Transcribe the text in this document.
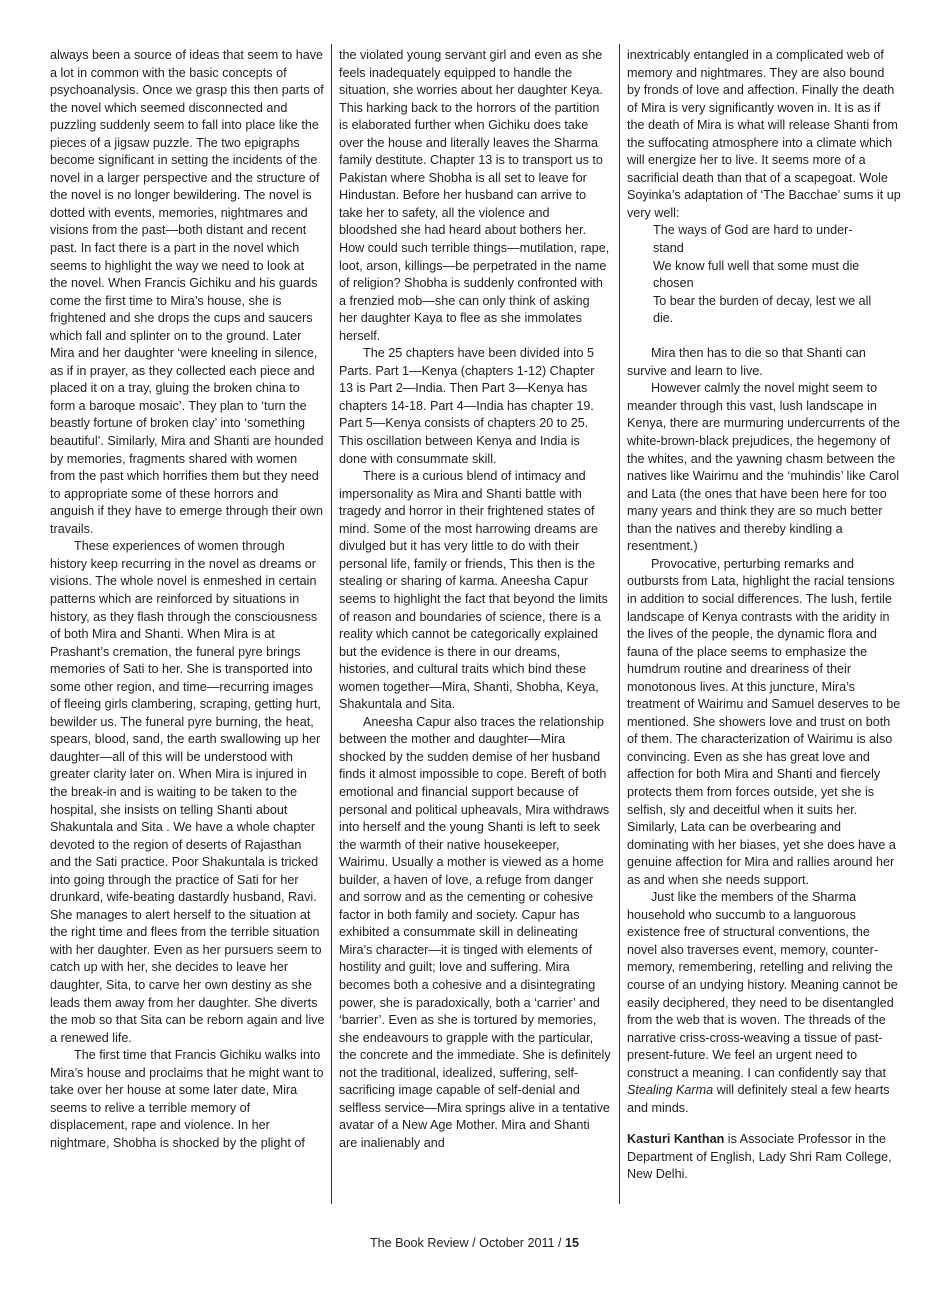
always been a source of ideas that seem to have a lot in common with the basic concepts of psychoanalysis. Once we grasp this then parts of the novel which seemed disconnected and puzzling suddenly seem to fall into place like the pieces of a jigsaw puzzle. The two epigraphs become significant in setting the incidents of the novel in a larger perspective and the structure of the novel is no longer bewildering. The novel is dotted with events, memories, nightmares and visions from the past—both distant and recent past. In fact there is a part in the novel which seems to highlight the way we need to look at the novel. When Francis Gichiku and his guards come the first time to Mira’s house, she is frightened and she drops the cups and saucers which fall and splinter on to the ground. Later Mira and her daughter ‘were kneeling in silence, as if in prayer, as they collected each piece and placed it on a tray, gluing the broken china to form a baroque mosaic’. They plan to ‘turn the beastly fortune of broken clay’ into ‘something beautiful’. Similarly, Mira and Shanti are hounded by memories, fragments shared with women from the past which horrifies them but they need to appropriate some of these horrors and anguish if they have to emerge through their own travails.

These experiences of women through history keep recurring in the novel as dreams or visions. The whole novel is enmeshed in certain patterns which are reinforced by situations in history, as they flash through the consciousness of both Mira and Shanti. When Mira is at Prashant’s cremation, the funeral pyre brings memories of Sati to her. She is transported into some other region, and time—recurring images of fleeing girls clambering, scraping, getting hurt, bewilder us. The funeral pyre burning, the heat, spears, blood, sand, the earth swallowing up her daughter—all of this will be understood with greater clarity later on. When Mira is injured in the break-in and is waiting to be taken to the hospital, she insists on telling Shanti about Shakuntala and Sita . We have a whole chapter devoted to the region of deserts of Rajasthan and the Sati practice. Poor Shakuntala is tricked into going through the practice of Sati for her drunkard, wife-beating dastardly husband, Ravi. She manages to alert herself to the situation at the right time and flees from the terrible situation with her daughter. Even as her pursuers seem to catch up with her, she decides to leave her daughter, Sita, to carve her own destiny as she leads them away from her daughter. She diverts the mob so that Sita can be reborn again and live a renewed life.

The first time that Francis Gichiku walks into Mira’s house and proclaims that he might want to take over her house at some later date, Mira seems to relive a terrible memory of displacement, rape and violence. In her nightmare, Shobha is shocked by the plight of

the violated young servant girl and even as she feels inadequately equipped to handle the situation, she worries about her daughter Keya. This harking back to the horrors of the partition is elaborated further when Gichiku does take over the house and literally leaves the Sharma family destitute. Chapter 13 is to transport us to Pakistan where Shobha is all set to leave for Hindustan. Before her husband can arrive to take her to safety, all the violence and bloodshed she had heard about bothers her. How could such terrible things—mutilation, rape, loot, arson, killings—be perpetrated in the name of religion? Shobha is suddenly confronted with a frenzied mob—she can only think of asking her daughter Kaya to flee as she immolates herself.

The 25 chapters have been divided into 5 Parts. Part 1—Kenya (chapters 1-12) Chapter 13 is Part 2—India. Then Part 3—Kenya has chapters 14-18. Part 4—India has chapter 19. Part 5—Kenya consists of chapters 20 to 25. This oscillation between Kenya and India is done with consummate skill.

There is a curious blend of intimacy and impersonality as Mira and Shanti battle with tragedy and horror in their frightened states of mind. Some of the most harrowing dreams are divulged but it has very little to do with their personal life, family or friends, This then is the stealing or sharing of karma. Aneesha Capur seems to highlight the fact that beyond the limits of reason and boundaries of science, there is a reality which cannot be categorically explained but the evidence is there in our dreams, histories, and cultural traits which bind these women together—Mira, Shanti, Shobha, Keya, Shakuntala and Sita.

Aneesha Capur also traces the relationship between the mother and daughter—Mira shocked by the sudden demise of her husband finds it almost impossible to cope. Bereft of both emotional and financial support because of personal and political upheavals, Mira withdraws into herself and the young Shanti is left to seek the warmth of their native housekeeper, Wairimu. Usually a mother is viewed as a home builder, a haven of love, a refuge from danger and sorrow and as the cementing or cohesive factor in both family and society. Capur has exhibited a consummate skill in delineating Mira’s character—it is tinged with elements of hostility and guilt; love and suffering. Mira becomes both a cohesive and a disintegrating power, she is paradoxically, both a ‘carrier’ and ‘barrier’. Even as she is tortured by memories, she endeavours to grapple with the particular, the concrete and the immediate. She is definitely not the traditional, idealized, suffering, self-sacrificing image capable of self-denial and selfless service—Mira springs alive in a tentative avatar of a New Age Mother. Mira and Shanti are inalienably and

inextricably entangled in a complicated web of memory and nightmares. They are also bound by fronds of love and affection. Finally the death of Mira is very significantly woven in. It is as if the death of Mira is what will release Shanti from the suffocating atmosphere into a climate which will energize her to live. It seems more of a sacrificial death than that of a scapegoat. Wole Soyinka’s adaptation of ‘The Bacchae’ sums it up very well:

The ways of God are hard to under-
stand
We know full well that some must die
chosen
To bear the burden of decay, lest we all
die.

Mira then has to die so that Shanti can survive and learn to live.

However calmly the novel might seem to meander through this vast, lush landscape in Kenya, there are murmuring undercurrents of the white-brown-black prejudices, the hegemony of the whites, and the yawning chasm between the natives like Wairimu and the ‘muhindis’ like Carol and Lata (the ones that have been here for too many years and think they are so much better than the natives and thereby kindling a resentment.)

Provocative, perturbing remarks and outbursts from Lata, highlight the racial tensions in addition to social differences. The lush, fertile landscape of Kenya contrasts with the aridity in the lives of the people, the dynamic flora and fauna of the place seems to emphasize the humdrum routine and dreariness of their monotonous lives. At this juncture, Mira’s treatment of Wairimu and Samuel deserves to be mentioned. She showers love and trust on both of them. The characterization of Wairimu is also convincing. Even as she has great love and affection for both Mira and Shanti and fiercely protects them from forces outside, yet she is selfish, sly and deceitful when it suits her. Similarly, Lata can be overbearing and dominating with her biases, yet she does have a genuine affection for Mira and rallies around her as and when she needs support.

Just like the members of the Sharma household who succumb to a languorous existence free of structural conventions, the novel also traverses event, memory, counter-memory, remembering, retelling and reliving the course of an undying history. Meaning cannot be easily deciphered, they need to be disentangled from the web that is woven. The threads of the narrative criss-cross-weaving a tissue of past-present-future. We feel an urgent need to construct a meaning. I can confidently say that Stealing Karma will definitely steal a few hearts and minds.

Kasturi Kanthan is Associate Professor in the Department of English, Lady Shri Ram College, New Delhi.

The Book Review / October 2011 / 15
